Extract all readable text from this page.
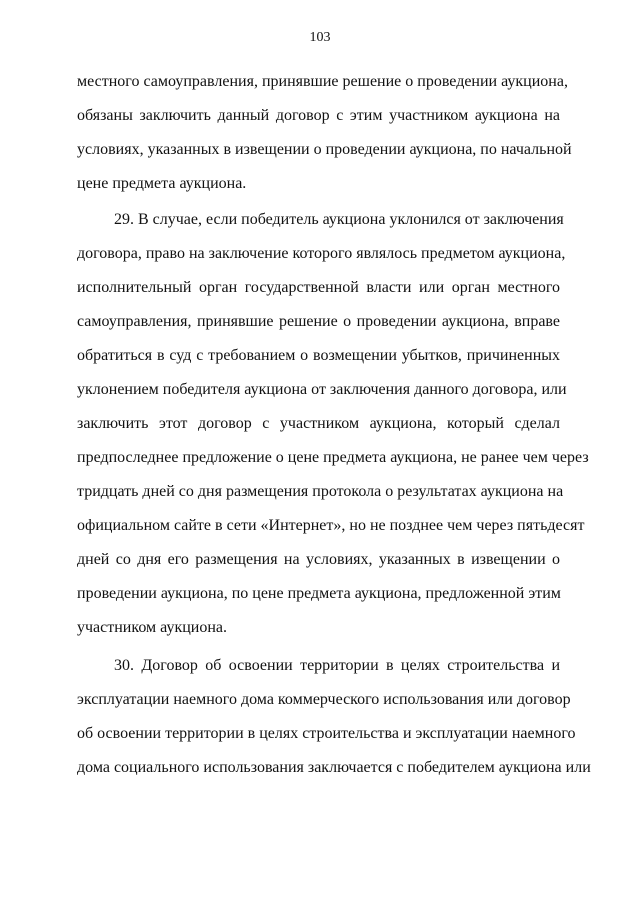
103
местного самоуправления, принявшие решение о проведении аукциона,
обязаны заключить данный договор с этим участником аукциона на
условиях, указанных в извещении о проведении аукциона, по начальной
цене предмета аукциона.
29. В случае, если победитель аукциона уклонился от заключения
договора, право на заключение которого являлось предметом аукциона,
исполнительный орган государственной власти или орган местного
самоуправления, принявшие решение о проведении аукциона, вправе
обратиться в суд с требованием о возмещении убытков, причиненных
уклонением победителя аукциона от заключения данного договора, или
заключить этот договор с участником аукциона, который сделал
предпоследнее предложение о цене предмета аукциона, не ранее чем через
тридцать дней со дня размещения протокола о результатах аукциона на
официальном сайте в сети «Интернет», но не позднее чем через пятьдесят
дней со дня его размещения на условиях, указанных в извещении о
проведении аукциона, по цене предмета аукциона, предложенной этим
участником аукциона.
30. Договор об освоении территории в целях строительства и
эксплуатации наемного дома коммерческого использования или договор
об освоении территории в целях строительства и эксплуатации наемного
дома социального использования заключается с победителем аукциона или
